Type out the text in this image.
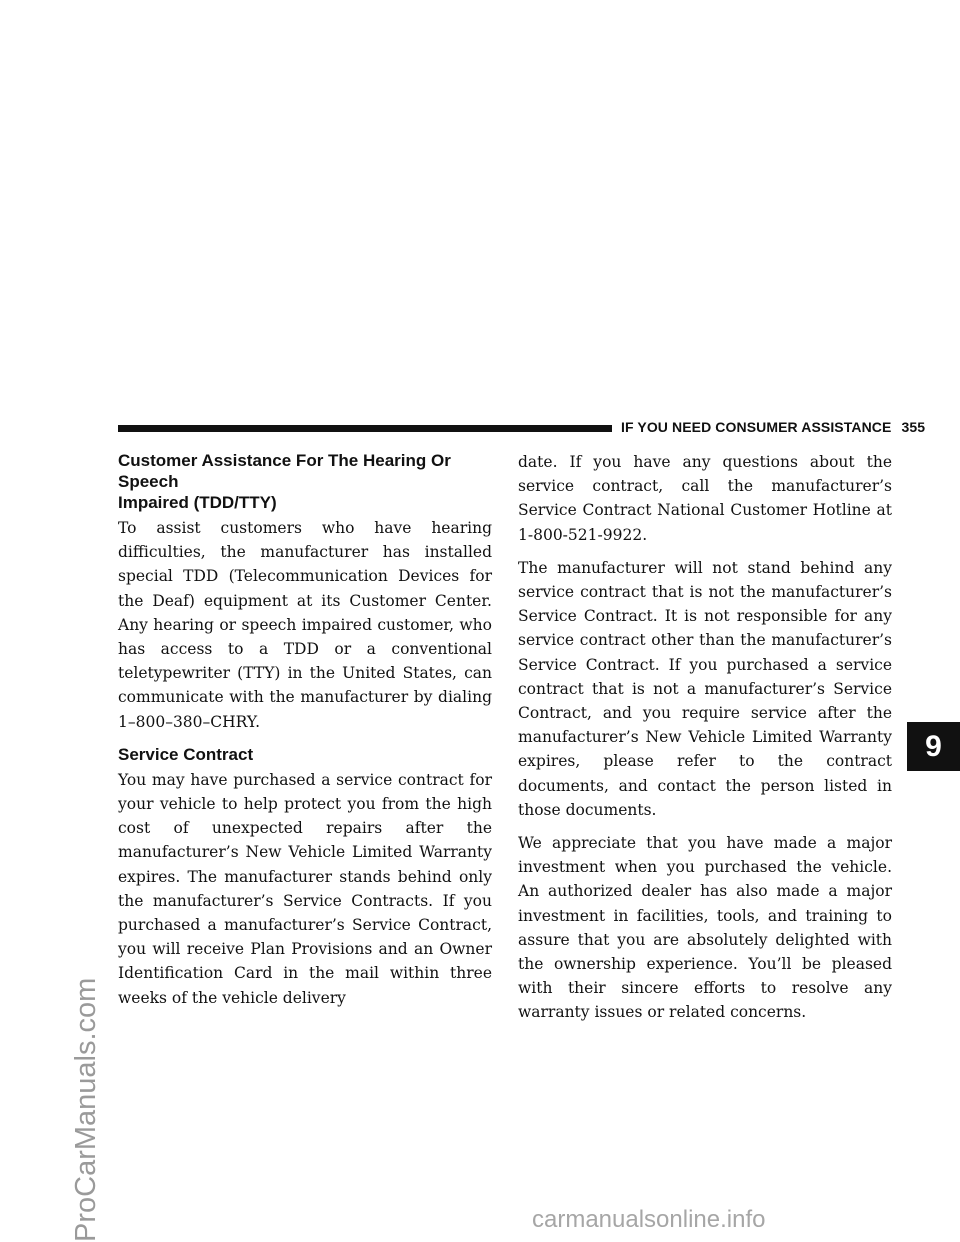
IF YOU NEED CONSUMER ASSISTANCE 355
Customer Assistance For The Hearing Or Speech
Impaired (TDD/TTY)

To assist customers who have hearing difficulties, the manufacturer has installed special TDD (Telecommunication Devices for the Deaf) equipment at its Customer Center. Any hearing or speech impaired customer, who has access to a TDD or a conventional teletypewriter (TTY) in the United States, can communicate with the manufacturer by dialing 1–800–380–CHRY.

Service Contract

You may have purchased a service contract for your vehicle to help protect you from the high cost of unexpected repairs after the manufacturer’s New Vehicle Limited Warranty expires. The manufacturer stands behind only the manufacturer’s Service Contracts. If you purchased a manufacturer’s Service Contract, you will receive Plan Provisions and an Owner Identification Card in the mail within three weeks of the vehicle delivery

date. If you have any questions about the service contract, call the manufacturer’s Service Contract National Customer Hotline at 1-800-521-9922.

The manufacturer will not stand behind any service contract that is not the manufacturer’s Service Contract. It is not responsible for any service contract other than the manufacturer’s Service Contract. If you purchased a service contract that is not a manufacturer’s Service Contract, and you require service after the manufacturer’s New Vehicle Limited Warranty expires, please refer to the contract documents, and contact the person listed in those documents.

We appreciate that you have made a major investment when you purchased the vehicle. An authorized dealer has also made a major investment in facilities, tools, and training to assure that you are absolutely delighted with the ownership experience. You’ll be pleased with their sincere efforts to resolve any warranty issues or related concerns.

9
ProCarManuals.com	carmanualsonline.info
